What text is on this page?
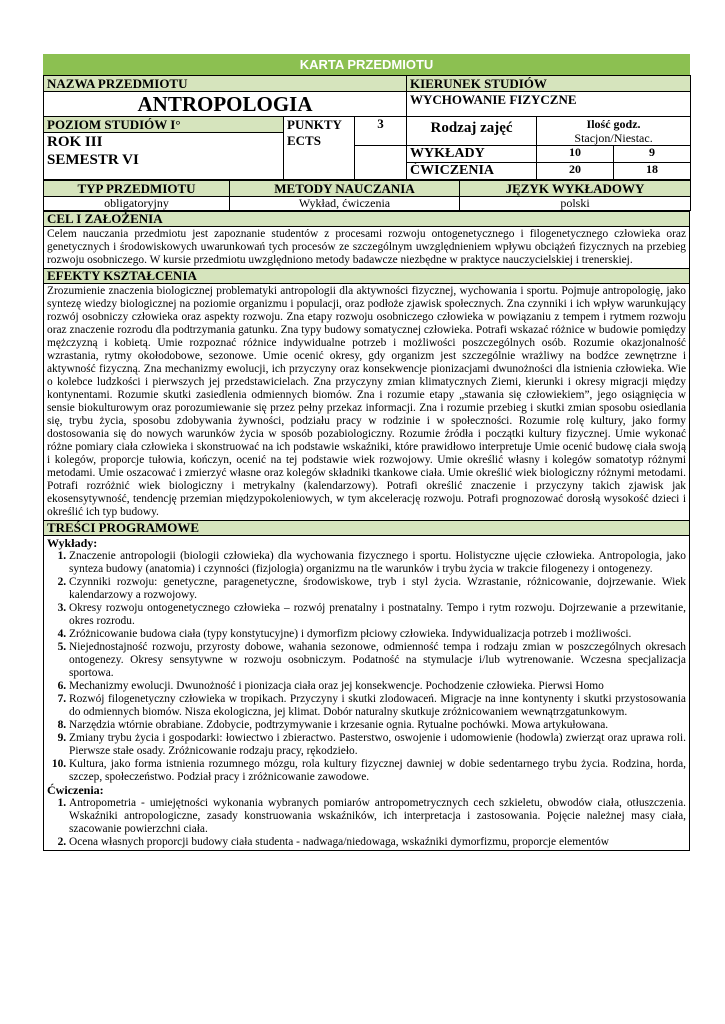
KARTA PRZEDMIOTU
NAZWA PRZEDMIOTU			KIERUNEK STUDIÓW		
ANTROPOLOGIA			WYCHOWANIE FIZYCZNE		
POZIOM STUDIÓW I°	PUNKTY ECTS	3	Rodzaj zajęć	Ilość godz.
Stacjon/Niestac.	

ROK III
SEMESTR VI					

			WYKŁADY	10	9
			ĆWICZENIA	20	18
TYP PRZEDMIOTU	METODY NAUCZANIA	JĘZYK WYKŁADOWY
obligatoryjny	Wykład, ćwiczenia	polski
CEL I ZAŁOŻENIA
Celem nauczania przedmiotu jest zapoznanie studentów z procesami rozwoju ontogenetycznego i filogenetycznego człowieka oraz genetycznych i środowiskowych uwarunkowań tych procesów ze szczególnym uwzględnieniem wpływu obciążeń fizycznych na przebieg rozwoju osobniczego. W kursie przedmiotu uwzględniono metody badawcze niezbędne w praktyce nauczycielskiej i trenerskiej.
EFEKTY KSZTAŁCENIA
Zrozumienie znaczenia biologicznej problematyki antropologii dla aktywności fizycznej, wychowania i sportu. Pojmuje antropologię, jako syntezę wiedzy biologicznej na poziomie organizmu i populacji, oraz podłoże zjawisk społecznych. Zna czynniki i ich wpływ warunkujący rozwój osobniczy człowieka oraz aspekty rozwoju. Zna etapy rozwoju osobniczego człowieka w powiązaniu z tempem i rytmem rozwoju oraz znaczenie rozrodu dla podtrzymania gatunku. Zna typy budowy somatycznej człowieka. Potrafi wskazać różnice w budowie pomiędzy mężczyzną i kobietą. Umie rozpoznać różnice indywidualne potrzeb i możliwości poszczególnych osób. Rozumie okazjonalność wzrastania, rytmy okołodobowe, sezonowe. Umie ocenić okresy, gdy organizm jest szczególnie wrażliwy na bodźce zewnętrzne i aktywność fizyczną. Zna mechanizmy ewolucji, ich przyczyny oraz konsekwencje pionizacjami dwunożności dla istnienia człowieka. Wie o kolebce ludzkości i pierwszych jej przedstawicielach. Zna przyczyny zmian klimatycznych Ziemi, kierunki i okresy migracji między kontynentami. Rozumie skutki zasiedlenia odmiennych biomów. Zna i rozumie etapy „stawania się człowiekiem”, jego osiągnięcia w sensie biokulturowym oraz porozumiewanie się przez pełny przekaz informacji. Zna i rozumie przebieg i skutki zmian sposobu osiedlania się, trybu życia, sposobu zdobywania żywności, podziału pracy w rodzinie i w społeczności. Rozumie rolę kultury, jako formy dostosowania się do nowych warunków życia w sposób pozabiologiczny. Rozumie źródła i początki kultury fizycznej. Umie wykonać różne pomiary ciała człowieka i skonstruować na ich podstawie wskaźniki, które prawidłowo interpretuje Umie ocenić budowę ciała swoją i kolegów, proporcje tułowia, kończyn, ocenić na tej podstawie wiek rozwojowy. Umie określić własny i kolegów somatotyp różnymi metodami. Umie oszacować i zmierzyć własne oraz kolegów składniki tkankowe ciała. Umie określić wiek biologiczny różnymi metodami. Potrafi rozróżnić wiek biologiczny i metrykalny (kalendarzowy). Potrafi określić znaczenie i przyczyny takich zjawisk jak ekosensytywność, tendencję przemian międzypokoleniowych, w tym akcelerację rozwoju. Potrafi prognozować dorosłą wysokość dzieci i określić ich typ budowy.
TREŚCI PROGRAMOWE

Wykłady:
1. Znaczenie antropologii (biologii człowieka) dla wychowania fizycznego i sportu. Holistyczne ujęcie człowieka. Antropologia, jako synteza budowy (anatomia) i czynności (fizjologia) organizmu na tle warunków i trybu życia w trakcie filogenezy i ontogenezy.
2. Czynniki rozwoju: genetyczne, paragenetyczne, środowiskowe, tryb i styl życia. Wzrastanie, różnicowanie, dojrzewanie. Wiek kalendarzowy a rozwojowy.
3. Okresy rozwoju ontogenetycznego człowieka – rozwój prenatalny i postnatalny. Tempo i rytm rozwoju. Dojrzewanie a przewitanie, okres rozrodu.
4. Zróżnicowanie budowa ciała (typy konstytucyjne) i dymorfizm płciowy człowieka. Indywidualizacja potrzeb i możliwości.
5. Niejednostajność rozwoju, przyrosty dobowe, wahania sezonowe, odmienność tempa i rodzaju zmian w poszczególnych okresach ontogenezy. Okresy sensytywne w rozwoju osobniczym. Podatność na stymulacje i/lub wytrenowanie. Wczesna specjalizacja sportowa.
6. Mechanizmy ewolucji. Dwunożność i pionizacja ciała oraz jej konsekwencje. Pochodzenie człowieka. Pierwsi Homo
7. Rozwój filogenetyczny człowieka w tropikach. Przyczyny i skutki zlodowaceń. Migracje na inne kontynenty i skutki przystosowania do odmiennych biomów. Nisza ekologiczna, jej klimat. Dobór naturalny skutkuje zróżnicowaniem wewnątrzgatunkowym.
8. Narzędzia wtórnie obrabiane. Zdobycie, podtrzymywanie i krzesanie ognia. Rytualne pochówki. Mowa artykułowana.
9. Zmiany trybu życia i gospodarki: łowiectwo i zbieractwo. Pasterstwo, oswojenie i udomowienie (hodowla) zwierząt oraz uprawa roli. Pierwsze stałe osady. Zróżnicowanie rodzaju pracy, rękodzieło.
10. Kultura, jako forma istnienia rozumnego mózgu, rola kultury fizycznej dawniej w dobie sedentarnego trybu życia. Rodzina, horda, szczep, społeczeństwo. Podział pracy i zróżnicowanie zawodowe.
Ćwiczenia:
1. Antropometria - umiejętności wykonania wybranych pomiarów antropometrycznych cech szkieletu, obwodów ciała, otłuszczenia. Wskaźniki antropologiczne, zasady konstruowania wskaźników, ich interpretacja i zastosowania. Pojęcie należnej masy ciała, szacowanie powierzchni ciała.
2. Ocena własnych proporcji budowy ciała studenta - nadwaga/niedowaga, wskaźniki dymorfizmu, proporcje elementów
